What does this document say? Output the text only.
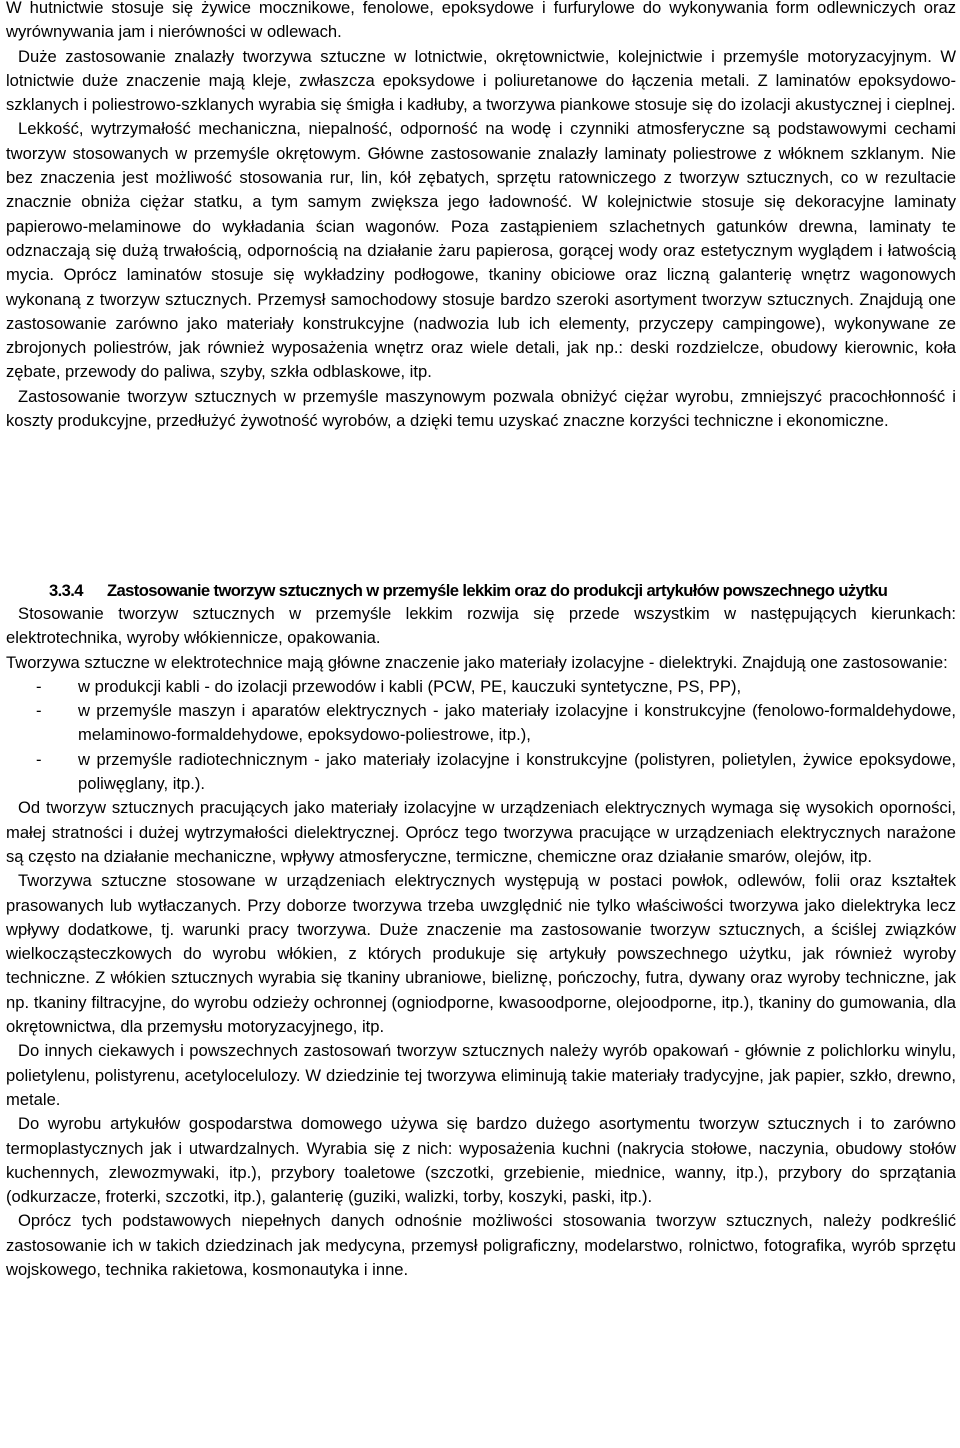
W hutnictwie stosuje się żywice mocznikowe, fenolowe, epoksydowe i furfurylowe do wykonywania form odlewniczych oraz wyrównywania jam i nierówności w odlewach.

Duże zastosowanie znalazły tworzywa sztuczne w lotnictwie, okrętownictwie, kolejnictwie i przemyśle motoryzacyjnym. W lotnictwie duże znaczenie mają kleje, zwłaszcza epoksydowe i poliuretanowe do łączenia metali. Z laminatów epoksydowo-szklanych i poliestrowo-szklanych wyrabia się śmigła i kadłuby, a tworzywa piankowe stosuje się do izolacji akustycznej i cieplnej.

Lekkość, wytrzymałość mechaniczna, niepalność, odporność na wodę i czynniki atmosferyczne są podstawowymi cechami tworzyw stosowanych w przemyśle okrętowym. Główne zastosowanie znalazły laminaty poliestrowe z włóknem szklanym. Nie bez znaczenia jest możliwość stosowania rur, lin, kół zębatych, sprzętu ratowniczego z tworzyw sztucznych, co w rezultacie znacznie obniża ciężar statku, a tym samym zwiększa jego ładowność. W kolejnictwie stosuje się dekoracyjne laminaty papierowo-melaminowe do wykładania ścian wagonów. Poza zastąpieniem szlachetnych gatunków drewna, laminaty te odznaczają się dużą trwałością, odpornością na działanie żaru papierosa, gorącej wody oraz estetycznym wyglądem i łatwością mycia. Oprócz laminatów stosuje się wykładziny podłogowe, tkaniny obiciowe oraz liczną galanterię wnętrz wagonowych wykonaną z tworzyw sztucznych. Przemysł samochodowy stosuje bardzo szeroki asortyment tworzyw sztucznych. Znajdują one zastosowanie zarówno jako materiały konstrukcyjne (nadwozia lub ich elementy, przyczepy campingowe), wykonywane ze zbrojonych poliestrów, jak również wyposażenia wnętrz oraz wiele detali, jak np.: deski rozdzielcze, obudowy kierownic, koła zębate, przewody do paliwa, szyby, szkła odblaskowe, itp.

Zastosowanie tworzyw sztucznych w przemyśle maszynowym pozwala obniżyć ciężar wyrobu, zmniejszyć pracochłonność i koszty produkcyjne, przedłużyć żywotność wyrobów, a dzięki temu uzyskać znaczne korzyści techniczne i ekonomiczne.

3.3.4 Zastosowanie tworzyw sztucznych w przemyśle lekkim oraz do produkcji artykułów powszechnego użytku

Stosowanie tworzyw sztucznych w przemyśle lekkim rozwija się przede wszystkim w następujących kierunkach: elektrotechnika, wyroby włókiennicze, opakowania.

Tworzywa sztuczne w elektrotechnice mają główne znaczenie jako materiały izolacyjne - dielektryki. Znajdują one zastosowanie:

- w produkcji kabli - do izolacji przewodów i kabli (PCW, PE, kauczuki syntetyczne, PS, PP),
- w przemyśle maszyn i aparatów elektrycznych - jako materiały izolacyjne i konstrukcyjne (fenolowo-formaldehydowe, melaminowo-formaldehydowe, epoksydowo-poliestrowe, itp.),
- w przemyśle radiotechnicznym - jako materiały izolacyjne i konstrukcyjne (polistyren, polietylen, żywice epoksydowe, poliwęglany, itp.).

Od tworzyw sztucznych pracujących jako materiały izolacyjne w urządzeniach elektrycznych wymaga się wysokich oporności, małej stratności i dużej wytrzymałości dielektrycznej. Oprócz tego tworzywa pracujące w urządzeniach elektrycznych narażone są często na działanie mechaniczne, wpływy atmosferyczne, termiczne, chemiczne oraz działanie smarów, olejów, itp.

Tworzywa sztuczne stosowane w urządzeniach elektrycznych występują w postaci powłok, odlewów, folii oraz kształtek prasowanych lub wytłaczanych. Przy doborze tworzywa trzeba uwzględnić nie tylko właściwości tworzywa jako dielektryka lecz wpływy dodatkowe, tj. warunki pracy tworzywa. Duże znaczenie ma zastosowanie tworzyw sztucznych, a ściślej związków wielkocząsteczkowych do wyrobu włókien, z których produkuje się artykuły powszechnego użytku, jak również wyroby techniczne. Z włókien sztucznych wyrabia się tkaniny ubraniowe, bieliznę, pończochy, futra, dywany oraz wyroby techniczne, jak np. tkaniny filtracyjne, do wyrobu odzieży ochronnej (ogniodporne, kwasoodporne, olejoodporne, itp.), tkaniny do gumowania, dla okrętownictwa, dla przemysłu motoryzacyjnego, itp.

Do innych ciekawych i powszechnych zastosowań tworzyw sztucznych należy wyrób opakowań - głównie z polichlorku winylu, polietylenu, polistyrenu, acetylocelulozy. W dziedzinie tej tworzywa eliminują takie materiały tradycyjne, jak papier, szkło, drewno, metale.

Do wyrobu artykułów gospodarstwa domowego używa się bardzo dużego asortymentu tworzyw sztucznych i to zarówno termoplastycznych jak i utwardzalnych. Wyrabia się z nich: wyposażenia kuchni (nakrycia stołowe, naczynia, obudowy stołów kuchennych, zlewozmywaki, itp.), przybory toaletowe (szczotki, grzebienie, miednice, wanny, itp.), przybory do sprzątania (odkurzacze, froterki, szczotki, itp.), galanterię (guziki, walizki, torby, koszyki, paski, itp.).

Oprócz tych podstawowych niepełnych danych odnośnie możliwości stosowania tworzyw sztucznych, należy podkreślić zastosowanie ich w takich dziedzinach jak medycyna, przemysł poligraficzny, modelarstwo, rolnictwo, fotografika, wyrób sprzętu wojskowego, technika rakietowa, kosmonautyka i inne.
